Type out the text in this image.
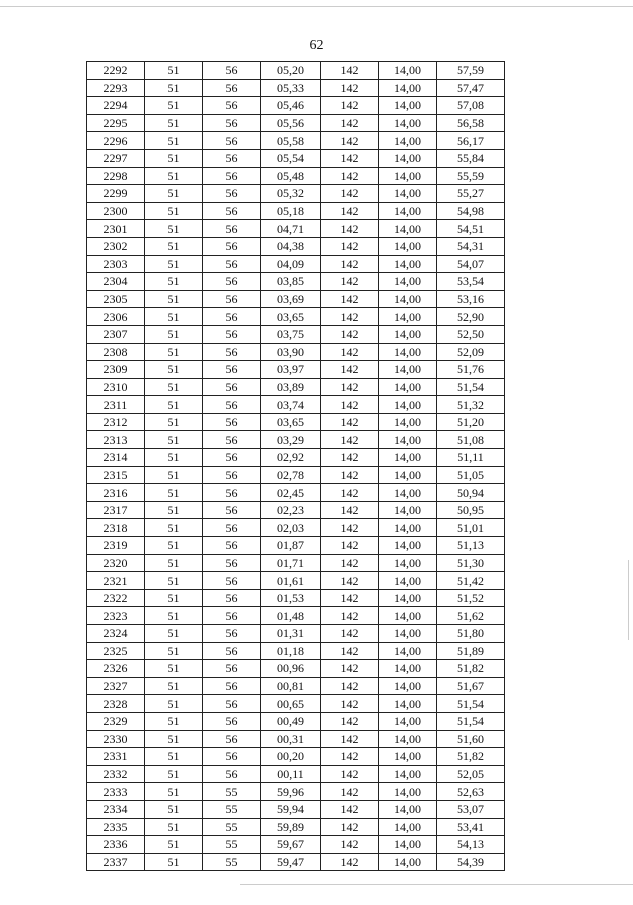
62
2292	51	56	05,20	142	14,00	57,59
2293	51	56	05,33	142	14,00	57,47
2294	51	56	05,46	142	14,00	57,08
2295	51	56	05,56	142	14,00	56,58
2296	51	56	05,58	142	14,00	56,17
2297	51	56	05,54	142	14,00	55,84
2298	51	56	05,48	142	14,00	55,59
2299	51	56	05,32	142	14,00	55,27
2300	51	56	05,18	142	14,00	54,98
2301	51	56	04,71	142	14,00	54,51
2302	51	56	04,38	142	14,00	54,31
2303	51	56	04,09	142	14,00	54,07
2304	51	56	03,85	142	14,00	53,54
2305	51	56	03,69	142	14,00	53,16
2306	51	56	03,65	142	14,00	52,90
2307	51	56	03,75	142	14,00	52,50
2308	51	56	03,90	142	14,00	52,09
2309	51	56	03,97	142	14,00	51,76
2310	51	56	03,89	142	14,00	51,54
2311	51	56	03,74	142	14,00	51,32
2312	51	56	03,65	142	14,00	51,20
2313	51	56	03,29	142	14,00	51,08
2314	51	56	02,92	142	14,00	51,11
2315	51	56	02,78	142	14,00	51,05
2316	51	56	02,45	142	14,00	50,94
2317	51	56	02,23	142	14,00	50,95
2318	51	56	02,03	142	14,00	51,01
2319	51	56	01,87	142	14,00	51,13
2320	51	56	01,71	142	14,00	51,30
2321	51	56	01,61	142	14,00	51,42
2322	51	56	01,53	142	14,00	51,52
2323	51	56	01,48	142	14,00	51,62
2324	51	56	01,31	142	14,00	51,80
2325	51	56	01,18	142	14,00	51,89
2326	51	56	00,96	142	14,00	51,82
2327	51	56	00,81	142	14,00	51,67
2328	51	56	00,65	142	14,00	51,54
2329	51	56	00,49	142	14,00	51,54
2330	51	56	00,31	142	14,00	51,60
2331	51	56	00,20	142	14,00	51,82
2332	51	56	00,11	142	14,00	52,05
2333	51	55	59,96	142	14,00	52,63
2334	51	55	59,94	142	14,00	53,07
2335	51	55	59,89	142	14,00	53,41
2336	51	55	59,67	142	14,00	54,13
2337	51	55	59,47	142	14,00	54,39
